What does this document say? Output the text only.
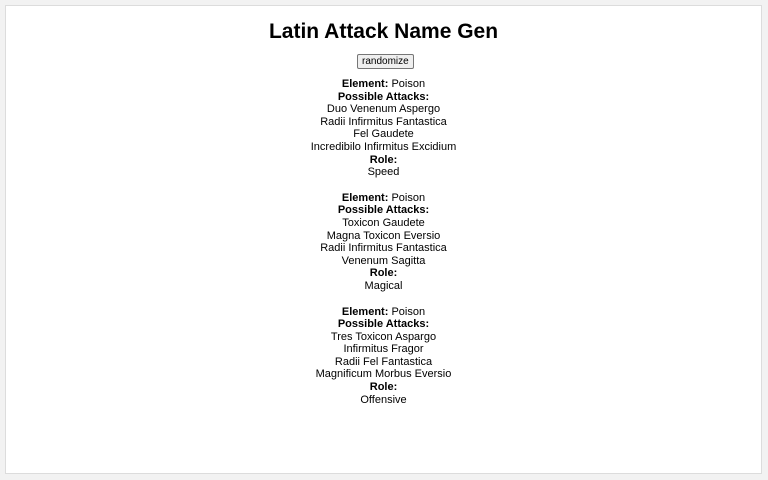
Latin Attack Name Gen
randomize
Element: Poison
Possible Attacks:
Duo Venenum Aspergo
Radii Infirmitus Fantastica
Fel Gaudete
Incredibilo Infirmitus Excidium
Role:
Speed
Element: Poison
Possible Attacks:
Toxicon Gaudete
Magna Toxicon Eversio
Radii Infirmitus Fantastica
Venenum Sagitta
Role:
Magical
Element: Poison
Possible Attacks:
Tres Toxicon Aspargo
Infirmitus Fragor
Radii Fel Fantastica
Magnificum Morbus Eversio
Role:
Offensive
